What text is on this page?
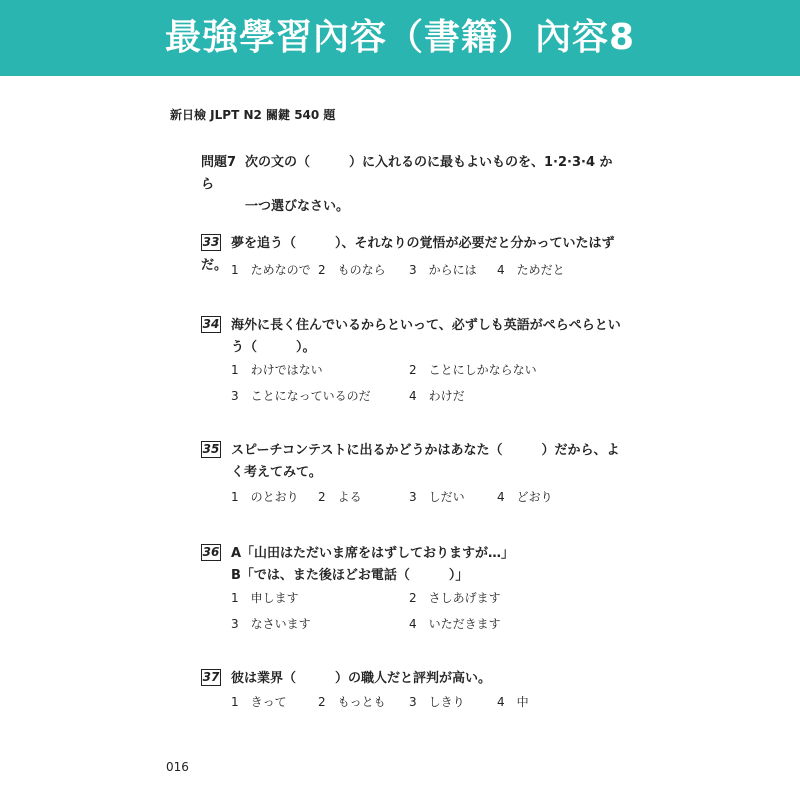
最強學習內容（書籍）內容8
新日檢 JLPT N2 關鍵 540 題
問題7 次の文の（　　　）に入れるのに最もよいものを、1·2·3·4 から
一つ選びなさい。
33 夢を追う（　　　）、それなりの覚悟が必要だと分かっていたはずだ。 1　ためなので 2　ものなら 3　からには 4　ためだと
34 海外に長く住んでいるからといって、必ずしも英語がぺらぺらとい
う（　　　）。
1　わけではない	2　ことにしかならない
3　ことになっているのだ	4　わけだ
35 スピーチコンテストに出るかどうかはあなた（　　　）だから、よ
く考えてみて。
1　のとおり 2　よる	3　しだい	4　どおり
36 A「山田はただいま席をはずしておりますが…」
B「では、また後ほどお電話（　　　）」
1　申します	2　さしあげます
3　なさいます	4　いただきます
37 彼は業界（　　　）の職人だと評判が高い。
1　きって	2　もっとも 3　しきり	4　中
016
